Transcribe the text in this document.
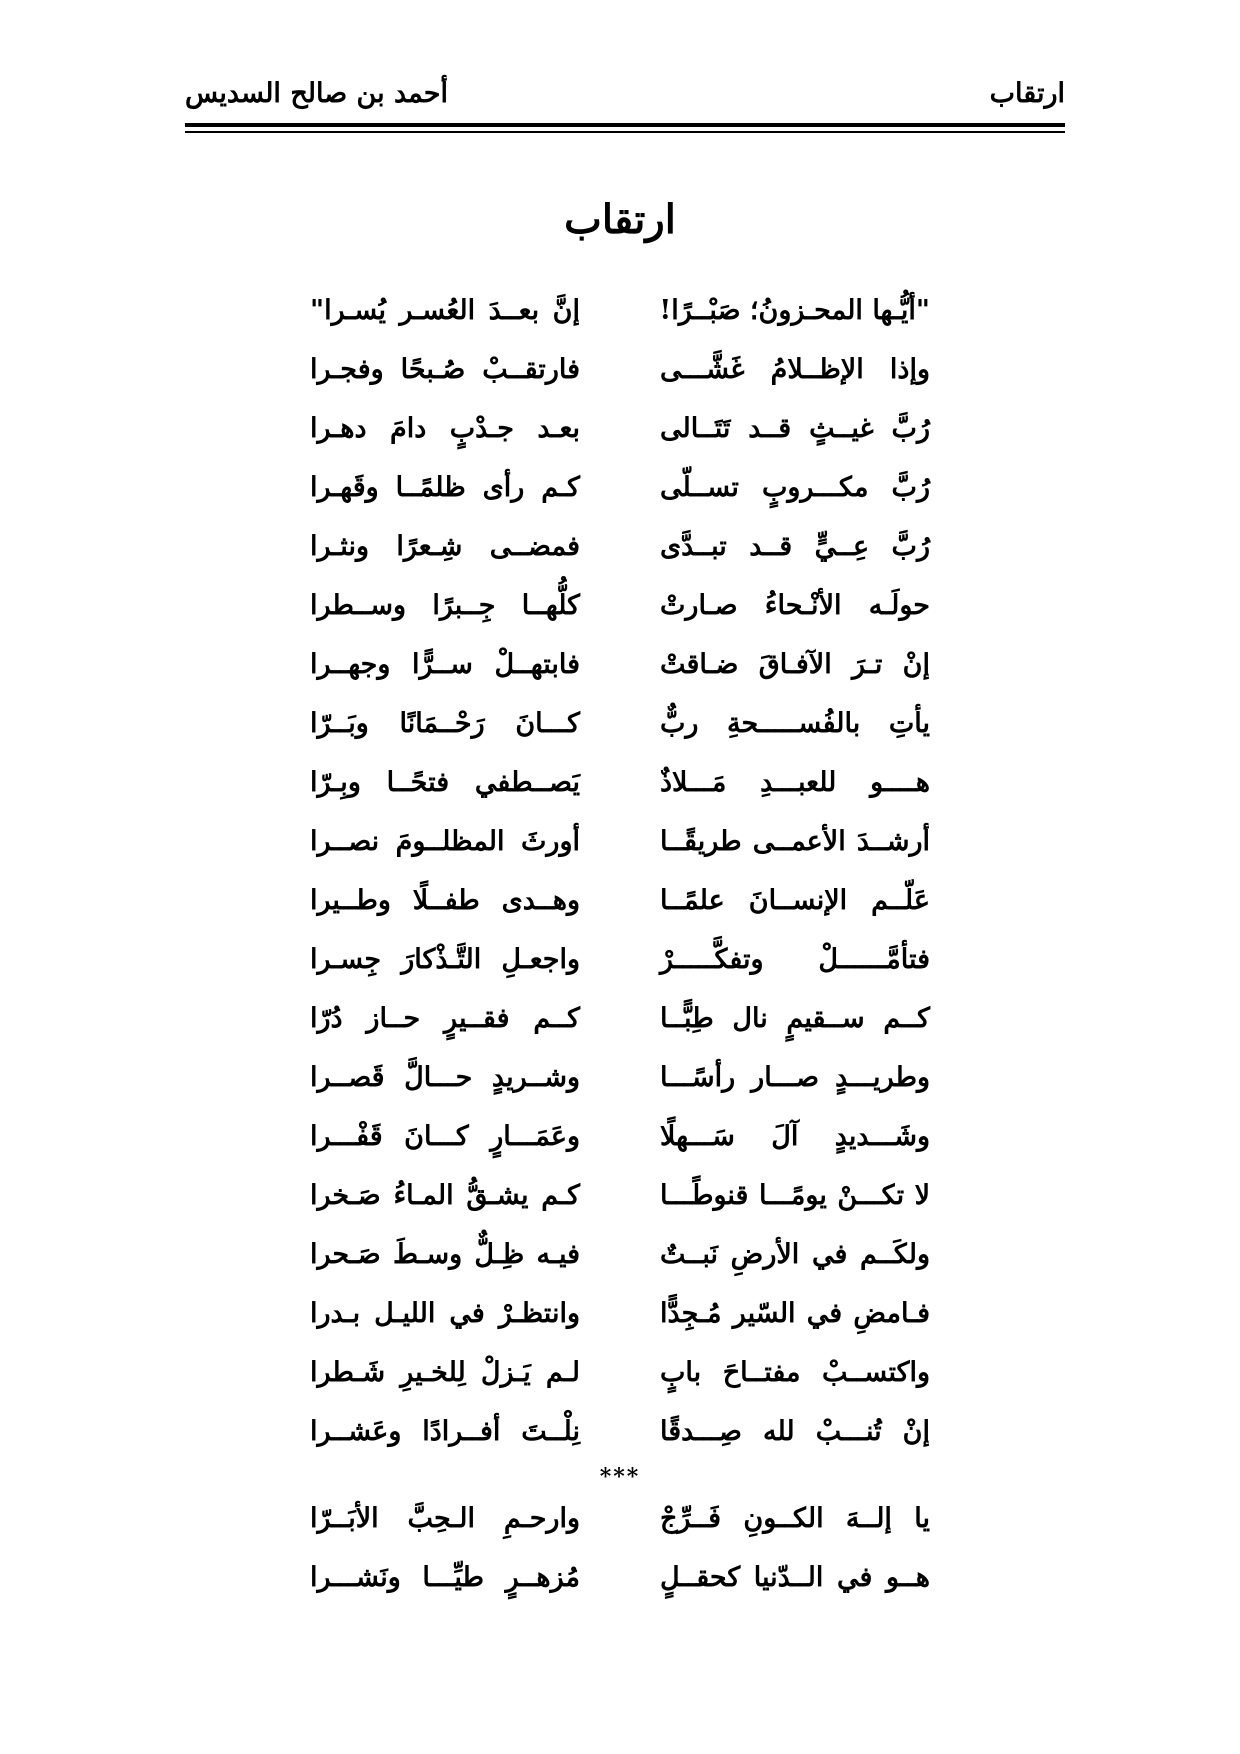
ارتقاب
أحمد بن صالح السديس
ارتقاب
"أيُّـها المحـزونُ؛ صَبْــرًا!
إنَّ بعــدَ العُسـر يُسـرا"
وإذا الإظــلامُ غَشَّـــى
فارتقــبْ صُـبحًا وفجـرا
رُبَّ غيــثٍ قــد تَتَــالى
بعـد جـدْبٍ دامَ دهـرا
رُبَّ مكـــروبٍ تســلّى
كـم رأى ظلمًــا وقَهـرا
رُبَّ عِــيٍّ قــد تبــدَّى
فمضــى شِـعرًا ونثـرا
حولَـه الأنْـحاءُ صـارتْ
كلُّهــا جِــبرًا وســطرا
إنْ تـرَ الآفـاقَ ضـاقتْ
فابتهــلْ ســرًّا وجهــرا
يأتِ بالفُســـــحةِ ربٌّ
كـــانَ رَحْــمَانًا وبَــرّا
هــــو للعبـــدِ مَـــلاذٌ
يَصــطفي فتحًــا وبِـرّا
أرشــدَ الأعمــى طريقًــا
أورثَ المظلــومَ نصــرا
عَلّــم الإنســانَ علمًــا
وهــدى طفــلًا وطــيرا
فتأمَّــــــلْ وتفكَّـــــرْ
واجعـلِ التَّـذْكارَ جِسـرا
كــم ســقيمٍ نال طِبًّــا
كــم فقــيرٍ حــاز دُرّا
وطريـــدٍ صـــار رأسًـــا
وشــريدٍ حـــالَّ قَصــرا
وشَـــديدٍ آلَ سَـــهلًا
وعَمَـــارٍ كـــانَ قَفْـــرا
لا تكـــنْ يومًـــا قنوطًـــا
كـم يشـقُّ المـاءُ صَـخرا
ولكَــم في الأرضِ نَبــتٌ
فيـه ظِـلٌّ وسـطَ صَـحرا
فـامضِ في السّير مُـجِدًّا
وانتظـرْ في الليـل بـدرا
واكتســبْ مفتــاحَ بابٍ
لـم يَـزلْ لِلخـيرِ شَـطرا
إنْ تُنـــبْ لله صِـــدقًا
نِلْــتَ أفــرادًا وعَشــرا
***
يا إلــهَ الكــونِ فَــرِّجْ
وارحـمِ الـحِبَّ الأبَــرّا
هــو في الــدّنيا كحقــلٍ
مُزهــرٍ طيِّـــا ونَشـــرا
